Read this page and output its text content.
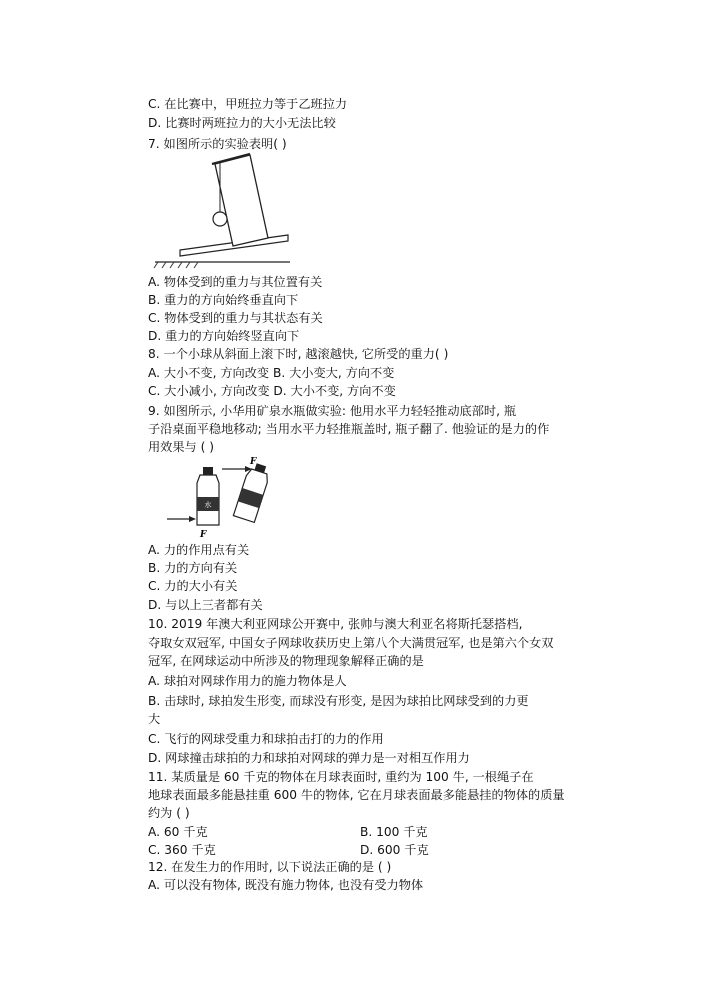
C. 在比赛中，甲班拉力等于乙班拉力
D. 比赛时两班拉力的大小无法比较
7. 如图所示的实验表明( )
A. 物体受到的重力与其位置有关
B. 重力的方向始终垂直向下
C. 物体受到的重力与其状态有关
D. 重力的方向始终竖直向下
8. 一个小球从斜面上滚下时, 越滚越快, 它所受的重力( )
A. 大小不变, 方向改变 B. 大小变大, 方向不变
C. 大小减小, 方向改变 D. 大小不变, 方向不变
9. 如图所示, 小华用矿泉水瓶做实验: 他用水平力轻轻推动底部时, 瓶
子沿桌面平稳地移动; 当用水平力轻推瓶盖时, 瓶子翻了. 他验证的是力的作
用效果与 ( )
水
F
F
A. 力的作用点有关
B. 力的方向有关
C. 力的大小有关
D. 与以上三者都有关
10. 2019 年澳大利亚网球公开赛中, 张帅与澳大利亚名将斯托瑟搭档,
夺取女双冠军, 中国女子网球收获历史上第八个大满贯冠军, 也是第六个女双
冠军, 在网球运动中所涉及的物理现象解释正确的是
A. 球拍对网球作用力的施力物体是人
B. 击球时, 球拍发生形变, 而球没有形变, 是因为球拍比网球受到的力更
大
C. 飞行的网球受重力和球拍击打的力的作用
D. 网球撞击球拍的力和球拍对网球的弹力是一对相互作用力
11. 某质量是 60 千克的物体在月球表面时, 重约为 100 牛, 一根绳子在
地球表面最多能悬挂重 600 牛的物体, 它在月球表面最多能悬挂的物体的质量
约为 ( )
A. 60 千克	B. 100 千克
C. 360 千克	D. 600 千克
12. 在发生力的作用时, 以下说法正确的是 ( )
A. 可以没有物体, 既没有施力物体, 也没有受力物体
